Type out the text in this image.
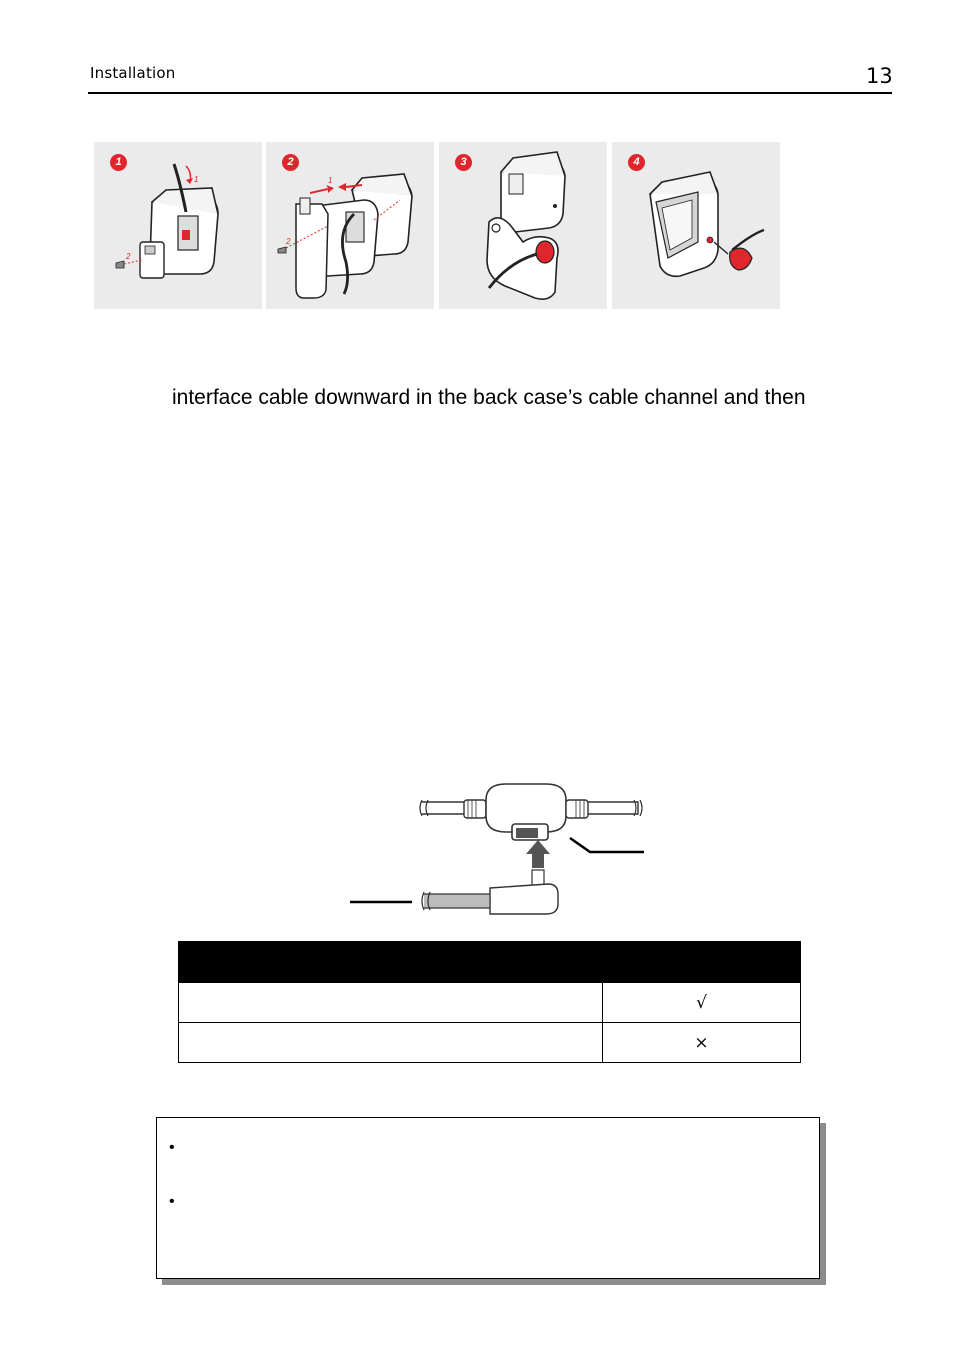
Installation	13
1
2
1
1
2
2	3	4
interface cable downward in the back case’s cable channel and then

	√
	×
•
•
